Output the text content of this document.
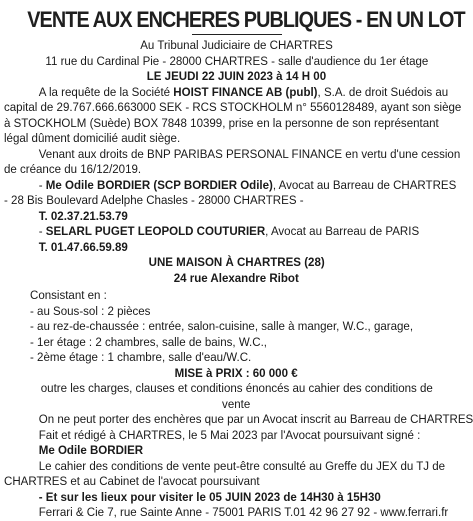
VENTE AUX ENCHERES PUBLIQUES - EN UN LOT
Au Tribunal Judiciaire de CHARTRES
11 rue du Cardinal Pie - 28000 CHARTRES - salle d'audience du 1er étage
LE JEUDI 22 JUIN 2023 à 14 H 00
A la requête de la Société HOIST FINANCE AB (publ), S.A. de droit Suédois au
capital de 29.767.666.663000 SEK - RCS STOCKHOLM n° 5560128489, ayant son siège
à STOCKHOLM (Suède) BOX 7848 10399, prise en la personne de son représentant
légal dûment domicilié audit siège.
Venant aux droits de BNP PARIBAS PERSONAL FINANCE en vertu d'une cession
de créance du 16/12/2019.
- Me Odile BORDIER (SCP BORDIER Odile), Avocat au Barreau de CHARTRES
- 28 Bis Boulevard Adelphe Chasles - 28000 CHARTRES -
T. 02.37.21.53.79
- SELARL PUGET LEOPOLD COUTURIER, Avocat au Barreau de PARIS
T. 01.47.66.59.89
UNE MAISON À CHARTRES (28)
24 rue Alexandre Ribot
Consistant en :
- au Sous-sol : 2 pièces
- au rez-de-chaussée : entrée, salon-cuisine, salle à manger, W.C., garage,
- 1er étage : 2 chambres, salle de bains, W.C.,
- 2ème étage : 1 chambre, salle d'eau/W.C.
MISE à PRIX : 60 000 €
outre les charges, clauses et conditions énoncés au cahier des conditions de
vente
On ne peut porter des enchères que par un Avocat inscrit au Barreau de CHARTRES
Fait et rédigé à CHARTRES, le 5 Mai 2023 par l'Avocat poursuivant signé :
Me Odile BORDIER
Le cahier des conditions de vente peut-être consulté au Greffe du JEX du TJ de
CHARTRES et au Cabinet de l'avocat poursuivant
- Et sur les lieux pour visiter le 05 JUIN 2023 de 14H30 à 15H30
Ferrari & Cie 7, rue Sainte Anne - 75001 PARIS T.01 42 96 27 92 - www.ferrari.fr
